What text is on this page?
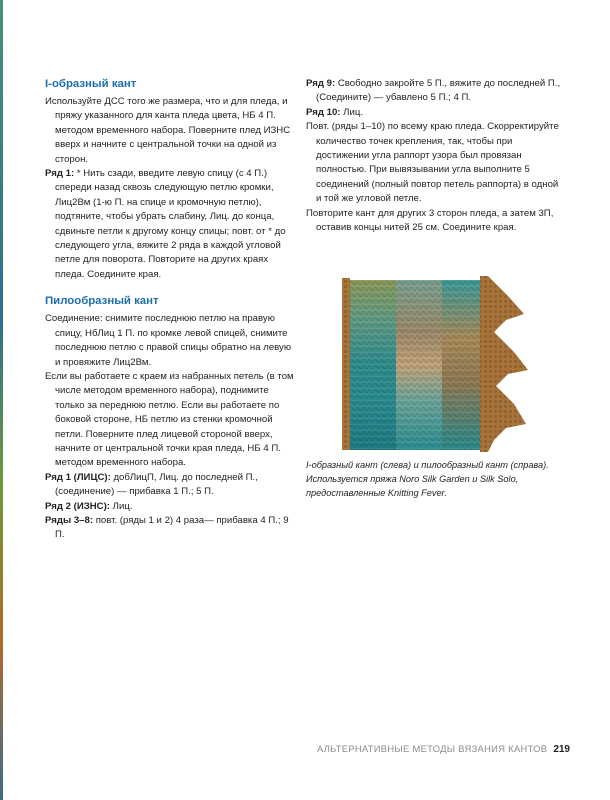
I-образный кант

Используйте ДСС того же размера, что и для пледа, и пряжу указанного для канта пледа цвета, НБ 4 П. методом временного набора. Поверните плед ИЗНС вверх и начните с центральной точки на одной из сторон.

Ряд 1: * Нить сзади, введите левую спицу (с 4 П.) спереди назад сквозь следующую петлю кромки, Лиц2Вм (1-ю П. на спице и кромочную петлю), подтяните, чтобы убрать слабину, Лиц. до конца, сдвиньте петли к другому концу спицы; повт. от * до следующего угла, вяжите 2 ряда в каждой угловой петле для поворота. Повторите на других краях пледа. Соедините края.

Пилообразный кант

Соединение: снимите последнюю петлю на правую спицу, НбЛиц 1 П. по кромке левой спицей, снимите последнюю петлю с правой спицы обратно на левую и провяжите Лиц2Вм.

Если вы работаете с краем из набранных петель (в том числе методом временного набора), поднимите только за переднюю петлю. Если вы работаете по боковой стороне, НБ петлю из стенки кромочной петли. Поверните плед лицевой стороной вверх, начните от центральной точки края пледа, НБ 4 П. методом временного набора.

Ряд 1 (ЛИЦС): добЛицП, Лиц. до последней П., (соединение) — прибавка 1 П.; 5 П.

Ряд 2 (ИЗНС): Лиц.

Ряды 3–8: повт. (ряды 1 и 2) 4 раза— прибавка 4 П.; 9 П.

Ряд 9: Свободно закройте 5 П., вяжите до последней П., (Соедините) — убавлено 5 П.; 4 П.

Ряд 10: Лиц.

Повт. (ряды 1–10) по всему краю пледа. Скорректируйте количество точек крепления, так, чтобы при достижении угла раппорт узора был провязан полностью. При вывязывании угла выполните 5 соединений (полный повтор петель раппорта) в одной и той же угловой петле.

Повторите кант для других 3 сторон пледа, а затем 3П, оставив концы нитей 25 см. Соедините края.

I-образный кант (слева) и пилообразный кант (справа). Используется пряжа Noro Silk Garden и Silk Solo, предоставленные Knitting Fever.

АЛЬТЕРНАТИВНЫЕ МЕТОДЫ ВЯЗАНИЯ КАНТОВ 219
